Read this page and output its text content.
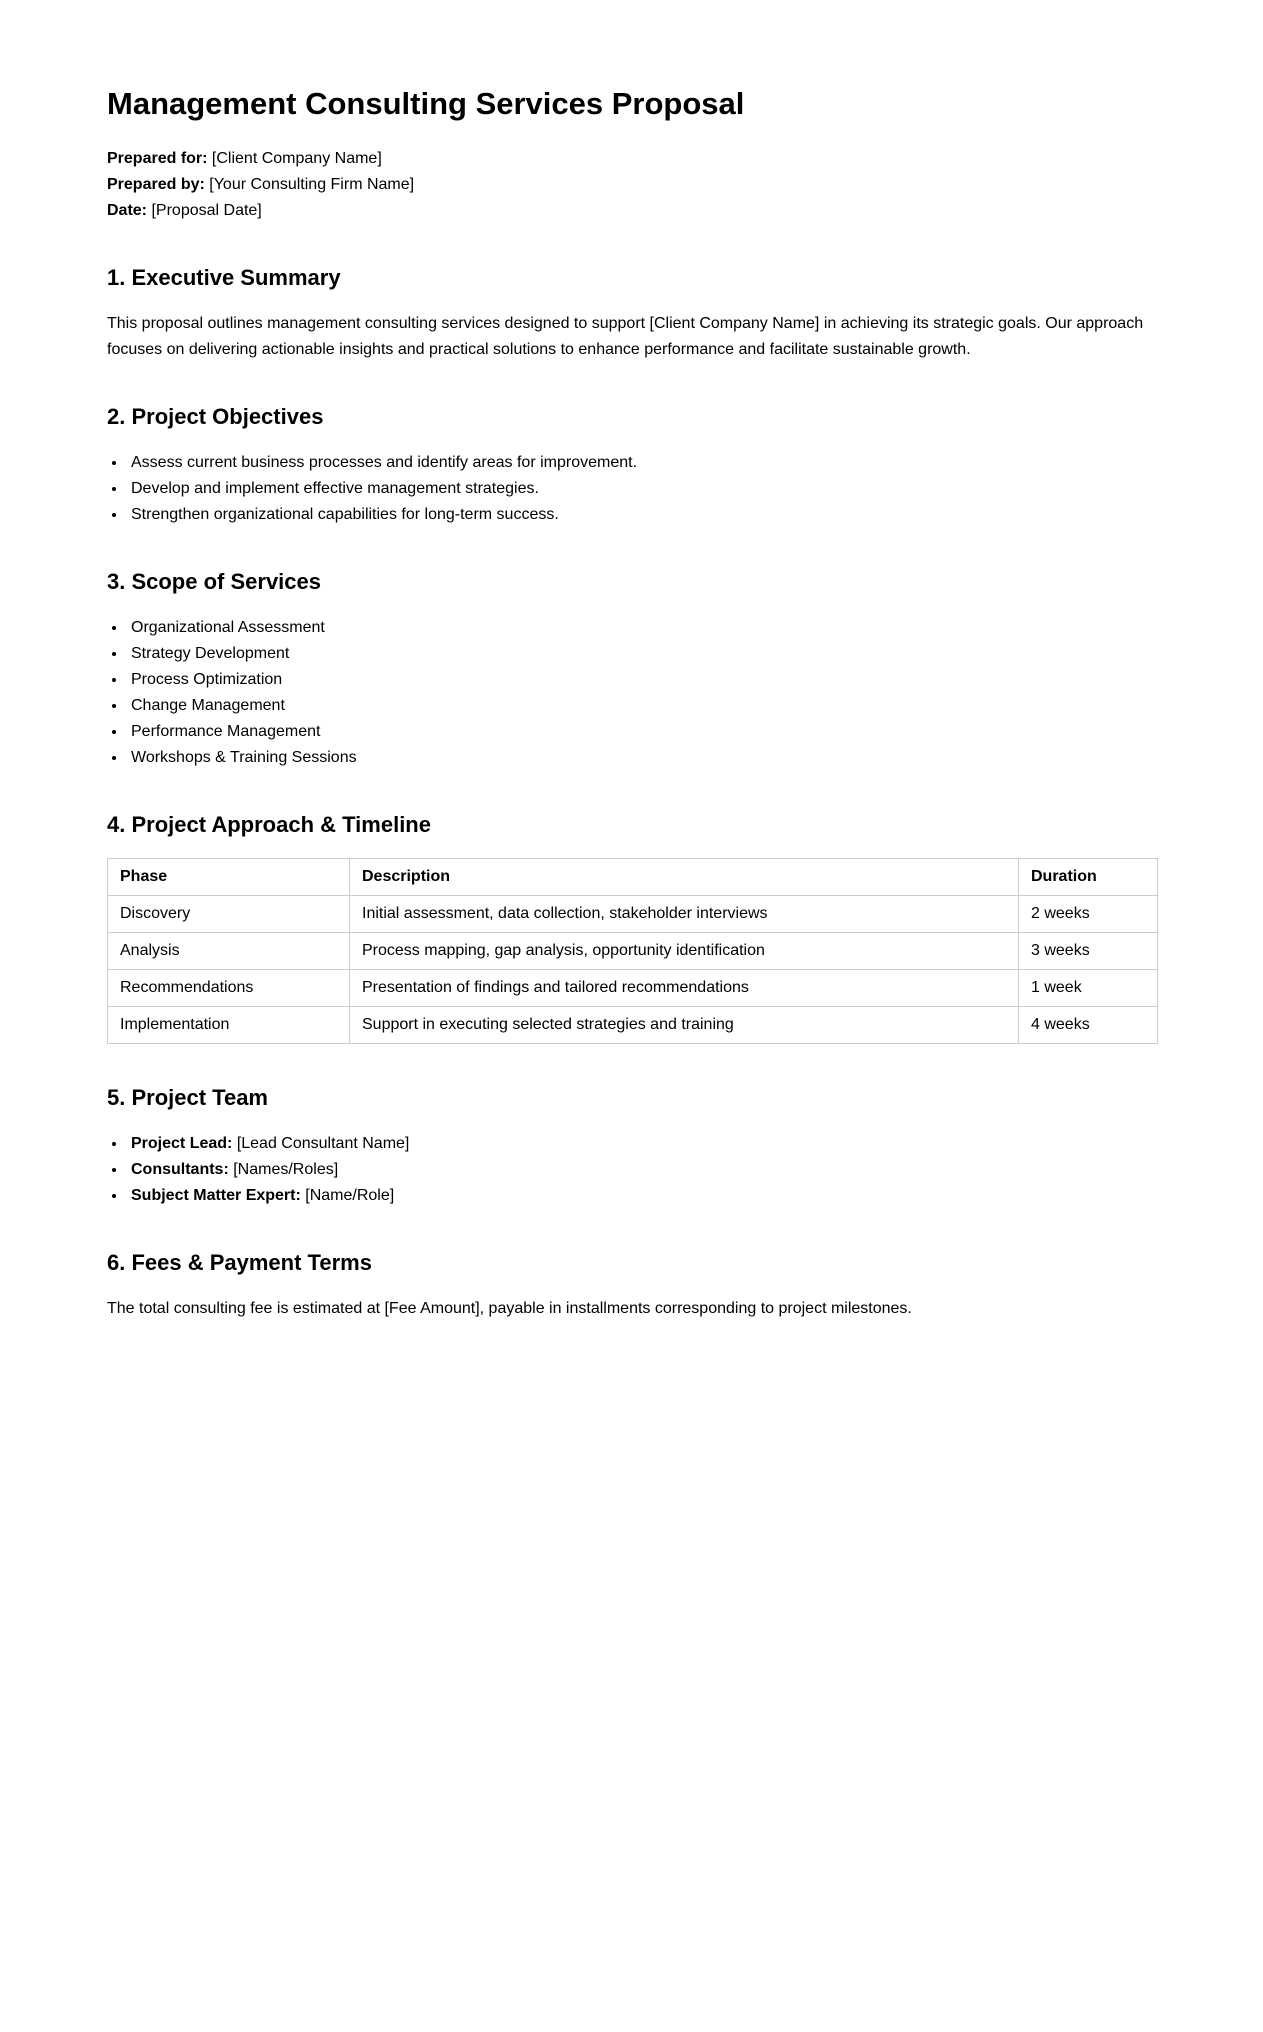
Management Consulting Services Proposal

Prepared for: [Client Company Name]

Prepared by: [Your Consulting Firm Name]

Date: [Proposal Date]

1. Executive Summary

This proposal outlines management consulting services designed to support [Client Company Name] in achieving its strategic goals. Our approach focuses on delivering actionable insights and practical solutions to enhance performance and facilitate sustainable growth.

2. Project Objectives
• Assess current business processes and identify areas for improvement.
• Develop and implement effective management strategies.
• Strengthen organizational capabilities for long-term success.
3. Scope of Services
• Organizational Assessment
• Strategy Development
• Process Optimization
• Change Management
• Performance Management
• Workshops & Training Sessions
4. Project Approach & Timeline
Phase	Description	Duration
Discovery	Initial assessment, data collection, stakeholder interviews	2 weeks
Analysis	Process mapping, gap analysis, opportunity identification	3 weeks
Recommendations	Presentation of findings and tailored recommendations	1 week
Implementation	Support in executing selected strategies and training	4 weeks
5. Project Team
• Project Lead: [Lead Consultant Name]
• Consultants: [Names/Roles]
• Subject Matter Expert: [Name/Role]
6. Fees & Payment Terms

The total consulting fee is estimated at [Fee Amount], payable in installments corresponding to project milestones.
